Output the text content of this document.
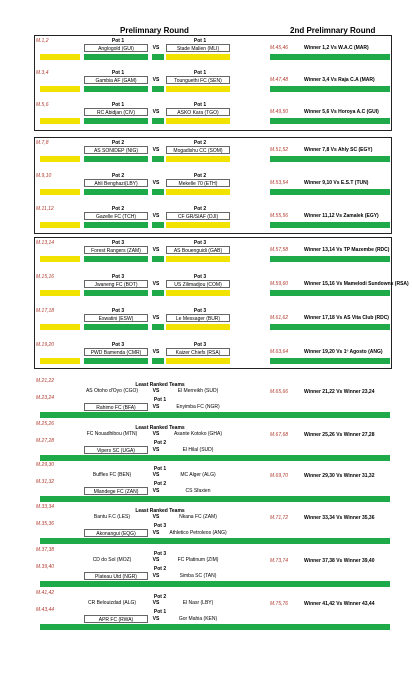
Prelimnary Round	2nd Prelimnary Round
M.1,2	Pot 1	Pot 1
Anglogold (GUI)	VS	Stade Malien (MLI)	M.45,46	Winner 1,2 Vs W.A.C (MAR)
M.3,4	Pot 1	Pot 1
Gambia AF (GAM)	VS	Tounguethi FC (SEN)	M.47,48	Winner 3,4 Vs Raja C.A (MAR)
M.5,6	Pot 1	Pot 1
RC Abidjan (CIV)	VS	ASKO Kara (TGO)	M.49,50	Winner 5,6 Vs Horoya A.C (GUI)
M.7,8	Pot 2	Pot 2
AS SONIDEP (NIG)	VS	Mogadishu CC (SOM)	M.51,52	Winner 7,8 Vs Ahly SC (EGY)
M.9,10	Pot 2	Pot 2
Ahli Benghazi(LBY)	VS	Mekelle 70 (ETH)	M.53,54	Winner 9,10 Vs E.S.T (TUN)
M.11,12	Pot 2	Pot 2
Gazelle FC (TCH)	VS	CF GR/SIAF (DJI)	M.55,56	Winner 11,12 Vs Zamalek (EGY)
M.13,14	Pot 3	Pot 3
Forest Rangers (ZAM)	VS	AS Bouenguidi (GAB)	M.57,58	Winner 13,14 Vs TP Mazembe (RDC)
M.15,16	Pot 3	Pot 3
Jwaneng FC (BOT)	VS	US Zilimadjou (COM)	M.59,60	Winner 15,16 Vs Mamelodi Sundowns (RSA)
M.17,18	Pot 3	Pot 3
Eswatini (ESW)	VS	Le Messager (BUR)	M.61,62	Winner 17,18 Vs AS Vita Club (RDC)
M.19,20	Pot 3	Pot 3
PWD Bamenda (CMR)	VS	Kaizer Chiefs (RSA)	M.63,64	Winner 19,20 Vs 1º Agosto (ANG)
M.21,22
Least Ranked Teams
AS Otoho d'Oyo (CGO)	VS	El Merreikh (SUD)
M.23,24	Pot 1
Rahimo FC (BFA)	VS	Enyimba FC (NGR)
M.65,66	Winner 21,22 Vs Winner 23,24
M.25,26
Least Ranked Teams
FC Nouadhibou (MTN)	VS	Asante Kotoko (GHA)
M.27,28	Pot 2
Vipers SC (UGA)	VS	El Hilal (SUD)
M.67,68	Winner 25,26 Vs Winner 27,28
M.29,30
Pot 1
Buffles FC (BEN)	VS	MC Alger (ALG)
M.31,32	Pot 2
Mlandege FC (ZAN)	VS	CS Sfaxien
M.69,70	Winner 29,30 Vs Winner 31,32
M.33,34
Least Ranked Teams
Bantu F.C (LES)	VS	Nkana FC (ZAM)
M.35,36	Pot 3
Akonangui (EQG)	VS	Athletico Petroleos (ANG)
M.71,72	Winner 33,34 Vs Winner 35,36
M.37,38
Pot 3
CD do Sol (MOZ)	VS	FC Platinum (ZIM)
M.39,40	Pot 2
Plateau Utd (NGR)	VS	Simba SC (TAN)
M.73,74	Winner 37,38 Vs Winner 39,40
M.41,42
Pot 2
CR Belouizdad (ALG)	VS	El Nasr (LBY)
M.43,44	Pot 1
APR FC (RWA)	VS	Gor Mahia (KEN)
M.75,76	Winner 41,42 Vs Winner 43,44
